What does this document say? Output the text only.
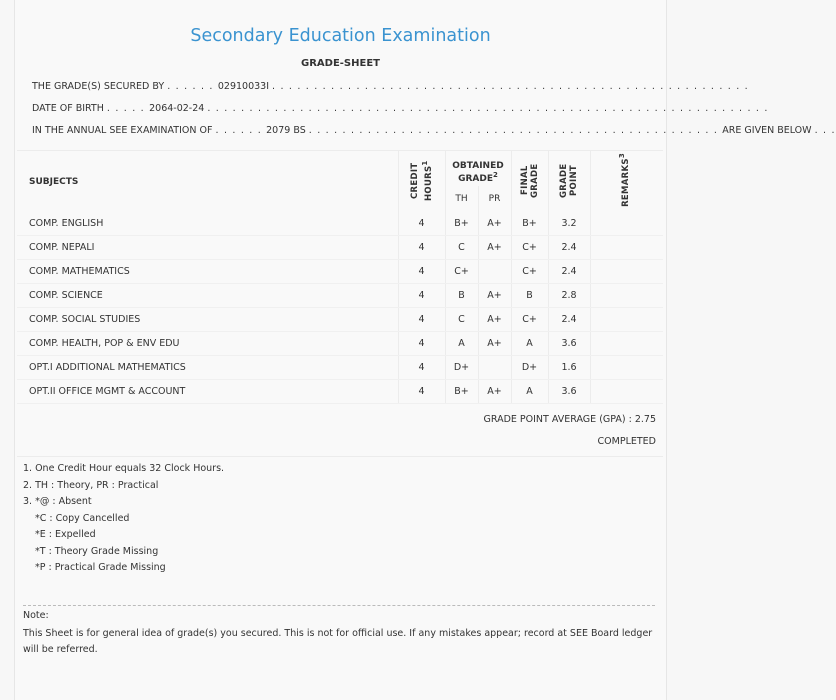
Secondary Education Examination
GRADE-SHEET
THE GRADE(S) SECURED BY . . . . . . 02910033I . . . . . . . . . . . . . . . . . . . . . . . . . . . . . . . . . . . . . . . . . . . . . . . . . . . . . . . . .
DATE OF BIRTH . . . . . 2064-02-24 . . . . . . . . . . . . . . . . . . . . . . . . . . . . . . . . . . . . . . . . . . . . . . . . . . . . . . . . . . . . . . . . . . .
IN THE ANNUAL SEE EXAMINATION OF . . . . . . 2079 BS . . . . . . . . . . . . . . . . . . . . . . . . . . . . . . . . . . . . . . . . . . . . . . . . . ARE GIVEN BELOW . . .
SUBJECTS	CREDIT HOURS$^1$	OBTAINED GRADE$^2$		FINAL GRADE	GRADE POINT	REMARKS$^3$
		TH	PR			
COMP. ENGLISH	4	B+	A+	B+	3.2	
COMP. NEPALI	4	C	A+	C+	2.4	
COMP. MATHEMATICS	4	C+		C+	2.4	
COMP. SCIENCE	4	B	A+	B	2.8	
COMP. SOCIAL STUDIES	4	C	A+	C+	2.4	
COMP. HEALTH, POP & ENV EDU	4	A	A+	A	3.6	
OPT.I ADDITIONAL MATHEMATICS	4	D+		D+	1.6	
OPT.II OFFICE MGMT & ACCOUNT	4	B+	A+	A	3.6	
GRADE POINT AVERAGE (GPA) : 2.75
COMPLETED
1. One Credit Hour equals 32 Clock Hours.
2. TH : Theory, PR : Practical
3. *@ : Absent
*C : Copy Cancelled
*E : Expelled
*T : Theory Grade Missing
*P : Practical Grade Missing
Note:
This Sheet is for general idea of grade(s) you secured. This is not for official use. If any mistakes appear; record at SEE Board ledger will be referred.
